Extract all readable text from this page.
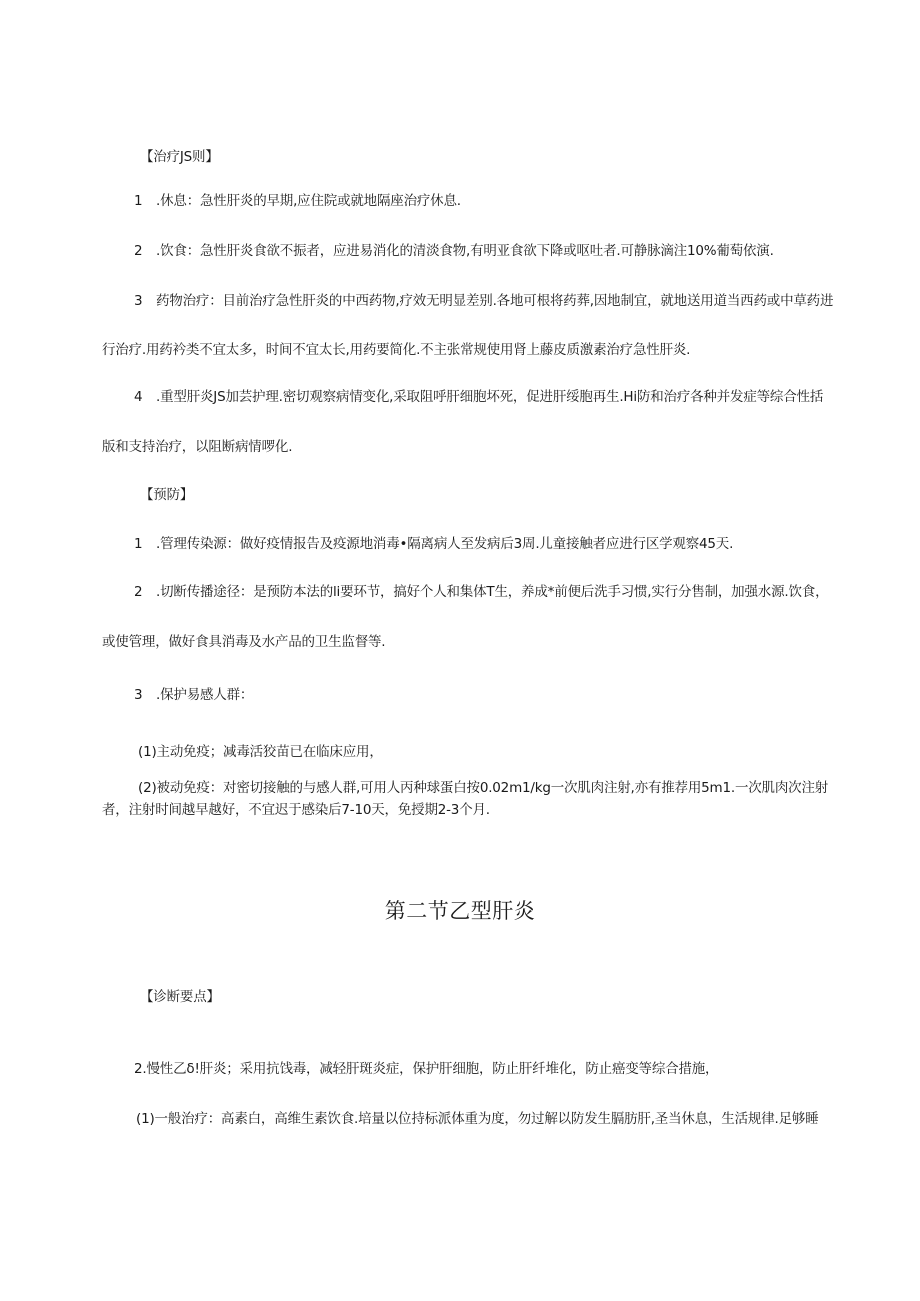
【治疗JS则】
1 .休息：急性肝炎的早期,应住院或就地隔座治疗休息.
2 .饮食：急性肝炎食欲不振者，应进易消化的清淡食物,有明亚食欲下降或呕吐者.可静脉滴注10%葡萄依演.
3 药物治疗：目前治疗急性肝炎的中西药物,疗效无明显差别.各地可根将药葬,因地制宜，就地送用道当西药或中草药进
行治疗.用药衿类不宜太多，时间不宜太长,用药要简化.不主张常规使用肾上藤皮质激素治疗急性肝炎.
4 .重型肝炎JS加芸护理.密切观察病情变化,采取阻呼肝细胞坏死，促进肝绥胞再生.Hi防和治疗各种并发症等综合性括
版和支持治疗，以阻断病情啰化.
【预防】
1 .管理传染源：做好疫情报告及疫源地消毒•隔离病人至发病后3周.儿童接触者应进行区学观察45天.
2 .切断传播途径：是预防本法的li要环节，搞好个人和集体T生，养成*前便后洗手习惯,实行分售制，加强水源.饮食，
或使管理，做好食具消毒及水产品的卫生监督等.
3 .保护易感人群：
(1)主动免疫；减毒活狡苗已在临床应用，
(2)被动免疫：对密切接触的与感人群,可用人丙种球蛋白按0.02m1∕kg一次肌肉注射,亦有推荐用5m1.一次肌肉次注射
者，注射时间越早越好，不宜迟于感染后7-10天，免授期2-3个月.
第二节乙型肝炎
【诊断要点】
2.慢性乙δ!肝炎；采用抗饯毒，减轻肝斑炎症，保护肝细胞，防止肝纤堆化，防止癌变等综合措施，
(1)一般治疗：高素白，高维生素饮食.培量以位持标派体重为度，勿过解以防发生膈肪肝,圣当休息，生活规律.足够睡
